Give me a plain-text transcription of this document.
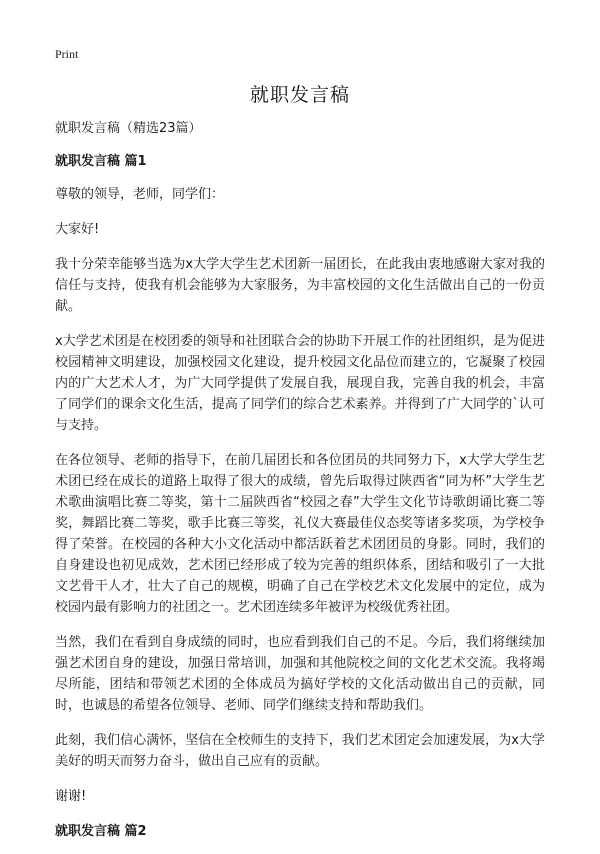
Print
就职发言稿

就职发言稿（精选23篇）

就职发言稿 篇1

尊敬的领导，老师，同学们：

大家好!

我十分荣幸能够当选为x大学大学生艺术团新一届团长，在此我由衷地感谢大家对我的信任与支持，使我有机会能够为大家服务，为丰富校园的文化生活做出自己的一份贡献。

x大学艺术团是在校团委的领导和社团联合会的协助下开展工作的社团组织，是为促进校园精神文明建设，加强校园文化建设，提升校园文化品位而建立的，它凝聚了校园内的广大艺术人才，为广大同学提供了发展自我，展现自我，完善自我的机会，丰富了同学们的课余文化生活，提高了同学们的综合艺术素养。并得到了广大同学的`认可与支持。

在各位领导、老师的指导下，在前几届团长和各位团员的共同努力下，x大学大学生艺术团已经在成长的道路上取得了很大的成绩，曾先后取得过陕西省“同为杯”大学生艺术歌曲演唱比赛二等奖，第十二届陕西省“校园之春”大学生文化节诗歌朗诵比赛二等奖，舞蹈比赛二等奖，歌手比赛三等奖，礼仪大赛最佳仪态奖等诸多奖项，为学校争得了荣誉。在校园的各种大小文化活动中都活跃着艺术团团员的身影。同时，我们的自身建设也初见成效，艺术团已经形成了较为完善的组织体系，团结和吸引了一大批文艺骨干人才，壮大了自己的规模，明确了自己在学校艺术文化发展中的定位，成为校园内最有影响力的社团之一。艺术团连续多年被评为校级优秀社团。

当然，我们在看到自身成绩的同时，也应看到我们自己的不足。今后，我们将继续加强艺术团自身的建设，加强日常培训，加强和其他院校之间的文化艺术交流。我将竭尽所能，团结和带领艺术团的全体成员为搞好学校的文化活动做出自己的贡献，同时，也诚恳的希望各位领导、老师、同学们继续支持和帮助我们。

此刻，我们信心满怀，坚信在全校师生的支持下，我们艺术团定会加速发展，为x大学美好的明天而努力奋斗，做出自己应有的贡献。

谢谢!

就职发言稿 篇2
